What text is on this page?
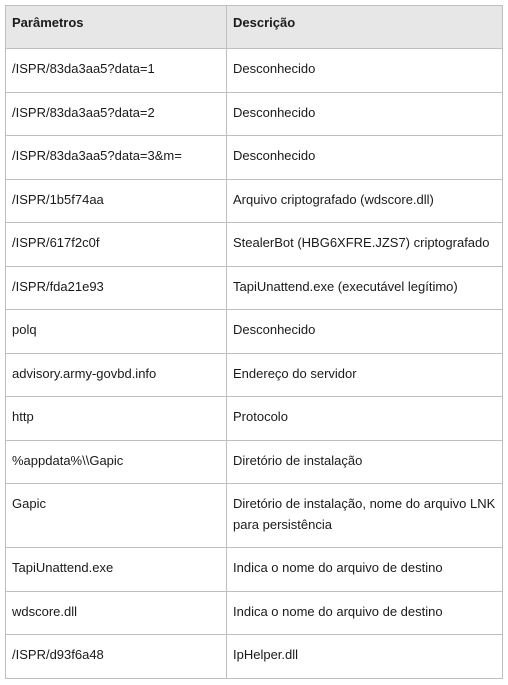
Parâmetros	Descrição
/ISPR/83da3aa5?data=1	Desconhecido
/ISPR/83da3aa5?data=2	Desconhecido
/ISPR/83da3aa5?data=3&m=	Desconhecido
/ISPR/1b5f74aa	Arquivo criptografado (wdscore.dll)
/ISPR/617f2c0f	StealerBot (HBG6XFRE.JZS7) criptografado
/ISPR/fda21e93	TapiUnattend.exe (executável legítimo)
polq	Desconhecido
advisory.army-govbd.info	Endereço do servidor
http	Protocolo
%appdata%\\Gapic	Diretório de instalação
Gapic	Diretório de instalação, nome do arquivo LNK para persistência
TapiUnattend.exe	Indica o nome do arquivo de destino
wdscore.dll	Indica o nome do arquivo de destino
/ISPR/d93f6a48	IpHelper.dll
